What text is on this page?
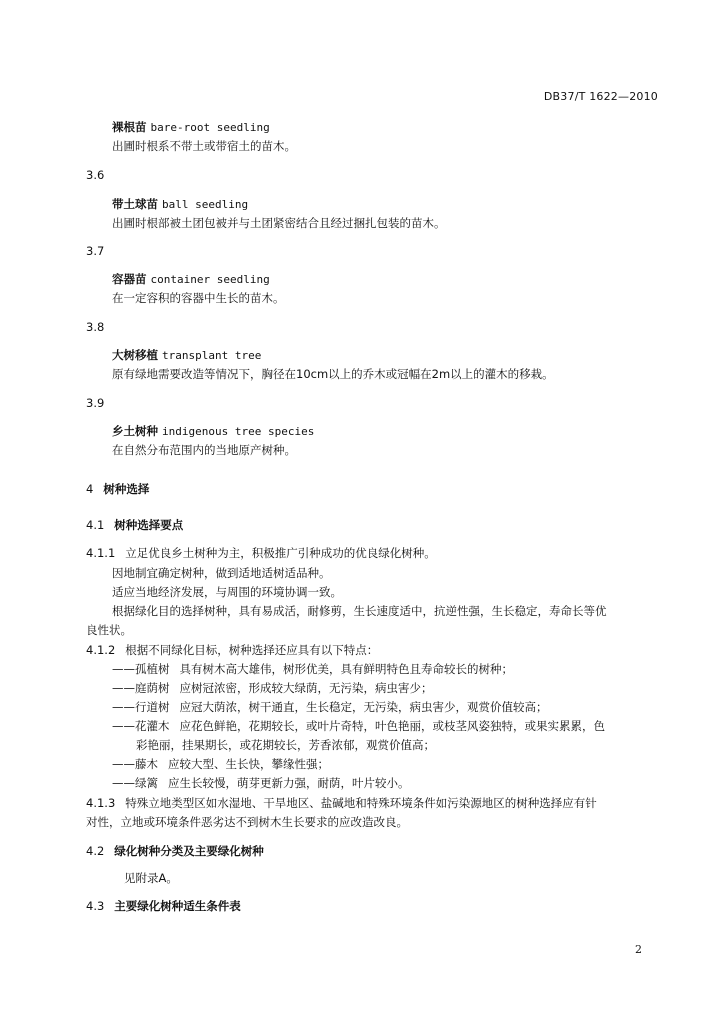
DB37/T 1622—2010
裸根苗 bare-root seedling
出圃时根系不带土或带宿土的苗木。
3.6
带土球苗 ball seedling
出圃时根部被土团包被并与土团紧密结合且经过捆扎包装的苗木。
3.7
容器苗 container seedling
在一定容积的容器中生长的苗木。
3.8
大树移植 transplant tree
原有绿地需要改造等情况下，胸径在10cm以上的乔木或冠幅在2m以上的灌木的移栽。
3.9
乡土树种 indigenous tree species
在自然分布范围内的当地原产树种。
4 树种选择
4.1 树种选择要点
4.1.1 立足优良乡土树种为主，积极推广引种成功的优良绿化树种。
因地制宜确定树种，做到适地适树适品种。
适应当地经济发展，与周围的环境协调一致。
根据绿化目的选择树种，具有易成活，耐修剪，生长速度适中，抗逆性强，生长稳定，寿命长等优
良性状。
4.1.2 根据不同绿化目标，树种选择还应具有以下特点：
——孤植树 具有树木高大雄伟，树形优美，具有鲜明特色且寿命较长的树种；
——庭荫树 应树冠浓密，形成较大绿荫，无污染，病虫害少；
——行道树 应冠大荫浓，树干通直，生长稳定，无污染，病虫害少，观赏价值较高；
——花灌木 应花色鲜艳，花期较长，或叶片奇特，叶色艳丽，或枝茎风姿独特，或果实累累，色
彩艳丽，挂果期长，或花期较长，芳香浓郁，观赏价值高；
——藤木 应较大型、生长快，攀缘性强；
——绿篱 应生长较慢，萌芽更新力强，耐荫，叶片较小。
4.1.3 特殊立地类型区如水湿地、干旱地区、盐碱地和特殊环境条件如污染源地区的树种选择应有针
对性，立地或环境条件恶劣达不到树木生长要求的应改造改良。
4.2 绿化树种分类及主要绿化树种
见附录A。
4.3 主要绿化树种适生条件表
2
